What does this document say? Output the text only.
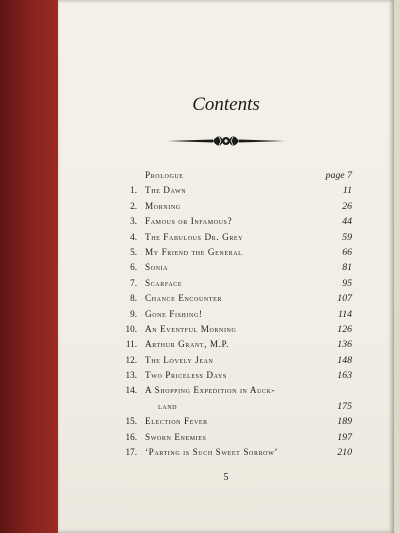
Contents
Prologue	page 7
1. The Dawn	11
2. Morning	26
3. Famous or Infamous?	44
4. The Fabulous Dr. Grey	59
5. My Friend the General	66
6. Sonia	81
7. Scarface	95
8. Chance Encounter	107
9. Gone Fishing!	114
10. An Eventful Morning	126
11. Arthur Grant, M.P.	136
12. The Lovely Jean	148
13. Two Priceless Days	163
14. A Shopping Expedition in Auck-
land	175
15. Election Fever	189
16. Sworn Enemies	197
17. ‘Parting is Such Sweet Sorrow’	210
5
